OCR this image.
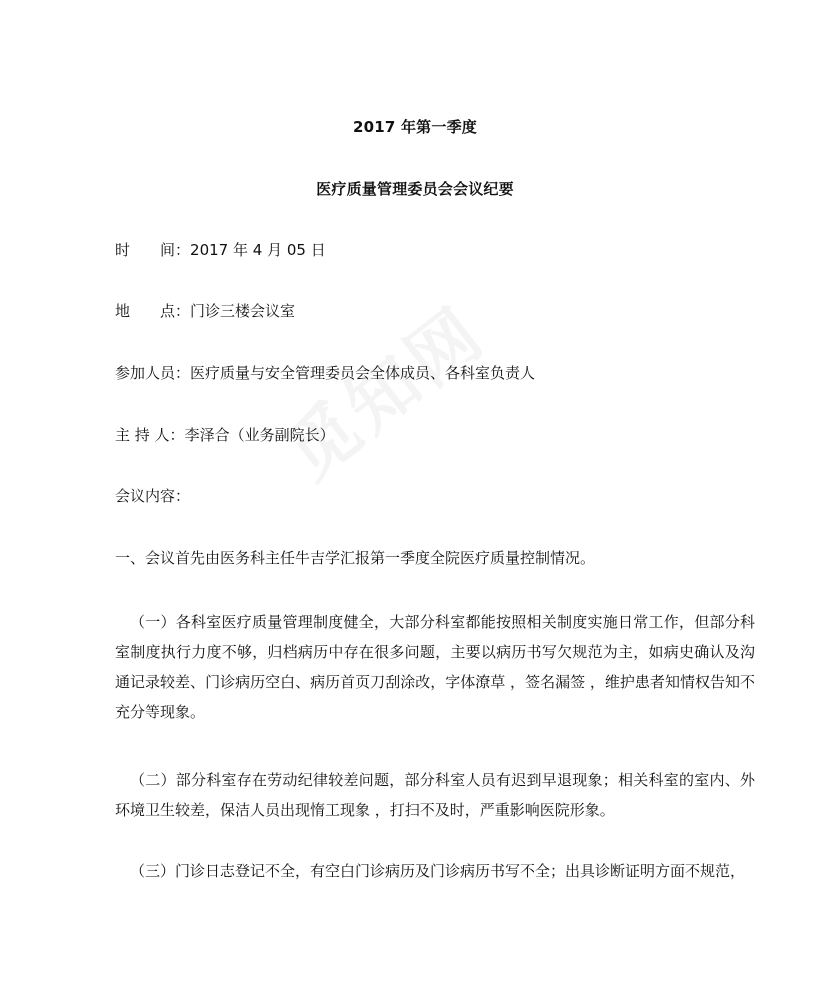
2017 年第一季度
医疗质量管理委员会会议纪要
时 间：2017 年 4 月 05 日
地 点：门诊三楼会议室
参加人员：医疗质量与安全管理委员会全体成员、各科室负责人
主 持 人：李泽合（业务副院长）
会议内容：
一、会议首先由医务科主任牛吉学汇报第一季度全院医疗质量控制情况。
（一）各科室医疗质量管理制度健全，大部分科室都能按照相关制度实施日常工作，但部分科室制度执行力度不够，归档病历中存在很多问题，主要以病历书写欠规范为主，如病史确认及沟通记录较差、门诊病历空白、病历首页刀刮涂改，字体潦草 ，签名漏签 ，维护患者知情权告知不充分等现象。
（二）部分科室存在劳动纪律较差问题，部分科室人员有迟到早退现象；相关科室的室内、外环境卫生较差，保洁人员出现惰工现象 ，打扫不及时，严重影响医院形象。
（三）门诊日志登记不全，有空白门诊病历及门诊病历书写不全；出具诊断证明方面不规范，
